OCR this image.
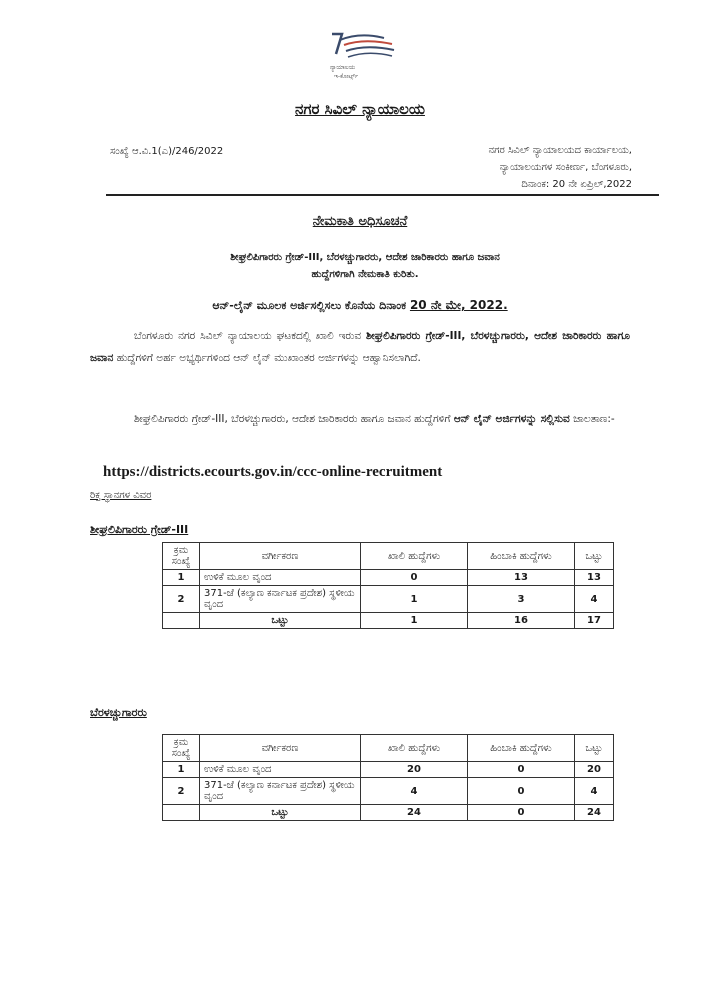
ನ್ಯಾಯಾಲಯ
ಇ-ಕೋರ್ಟ್ಸ್
ನಗರ ಸಿವಿಲ್ ನ್ಯಾಯಾಲಯ
ಸಂಖ್ಯೆ ಆ.ವಿ.1(ಎ)/246/2022	ನಗರ ಸಿವಿಲ್ ನ್ಯಾಯಾಲಯದ ಕಾರ್ಯಾಲಯ,
ನ್ಯಾಯಾಲಯಗಳ ಸಂಕೀರ್ಣ, ಬೆಂಗಳೂರು,
ದಿನಾಂಕ: 20 ನೇ ಏಪ್ರಿಲ್,2022
ನೇಮಕಾತಿ ಅಧಿಸೂಚನೆ
ಶೀಘ್ರಲಿಪಿಗಾರರು ಗ್ರೇಡ್-III, ಬೆರಳಚ್ಚುಗಾರರು, ಆದೇಶ ಜಾರಿಕಾರರು ಹಾಗೂ ಜವಾನ
ಹುದ್ದೆಗಳಿಗಾಗಿ ನೇಮಕಾತಿ ಕುರಿತು.
ಆನ್-ಲೈನ್ ಮೂಲಕ ಅರ್ಜಿಸಲ್ಲಿಸಲು ಕೊನೆಯ ದಿನಾಂಕ 20 ನೇ ಮೇ, 2022.
ಬೆಂಗಳೂರು ನಗರ ಸಿವಿಲ್ ನ್ಯಾಯಾಲಯ ಘಟಕದಲ್ಲಿ ಖಾಲಿ ಇರುವ ಶೀಘ್ರಲಿಪಿಗಾರರು ಗ್ರೇಡ್-III, ಬೆರಳಚ್ಚುಗಾರರು, ಆದೇಶ ಜಾರಿಕಾರರು ಹಾಗೂ ಜವಾನ ಹುದ್ದೆಗಳಿಗೆ ಅರ್ಹ ಅಭ್ಯರ್ಥಿಗಳಿಂದ ಆನ್ ಲೈನ್ ಮುಖಾಂತರ ಅರ್ಜಿಗಳನ್ನು ಆಹ್ವಾನಿಸಲಾಗಿದೆ.
ಶೀಘ್ರಲಿಪಿಗಾರರು ಗ್ರೇಡ್-III, ಬೆರಳಚ್ಚುಗಾರರು, ಆದೇಶ ಜಾರಿಕಾರರು ಹಾಗೂ ಜವಾನ ಹುದ್ದೆಗಳಿಗೆ ಆನ್ ಲೈನ್ ಅರ್ಜಿಗಳನ್ನು ಸಲ್ಲಿಸುವ ಜಾಲತಾಣ:-
https://districts.ecourts.gov.in/ccc-online-recruitment
ರಿಕ್ತ ಸ್ಥಾನಗಳ ವಿವರ
ಶೀಘ್ರಲಿಪಿಗಾರರು ಗ್ರೇಡ್-III
ಕ್ರಮ ಸಂಖ್ಯೆ	ವರ್ಗೀಕರಣ	ಖಾಲಿ ಹುದ್ದೆಗಳು	ಹಿಂಬಾಕಿ ಹುದ್ದೆಗಳು	ಒಟ್ಟು
1	ಉಳಿಕೆ ಮೂಲ ವೃಂದ	0	13	13
2	371-ಜೆ (ಕಲ್ಯಾಣ ಕರ್ನಾಟಕ ಪ್ರದೇಶ) ಸ್ಥಳೀಯ ವೃಂದ	1	3	4
	ಒಟ್ಟು	1	16	17
ಬೆರಳಚ್ಚುಗಾರರು
ಕ್ರಮ ಸಂಖ್ಯೆ	ವರ್ಗೀಕರಣ	ಖಾಲಿ ಹುದ್ದೆಗಳು	ಹಿಂಬಾಕಿ ಹುದ್ದೆಗಳು	ಒಟ್ಟು
1	ಉಳಿಕೆ ಮೂಲ ವೃಂದ	20	0	20
2	371-ಜೆ (ಕಲ್ಯಾಣ ಕರ್ನಾಟಕ ಪ್ರದೇಶ) ಸ್ಥಳೀಯ ವೃಂದ	4	0	4
	ಒಟ್ಟು	24	0	24
